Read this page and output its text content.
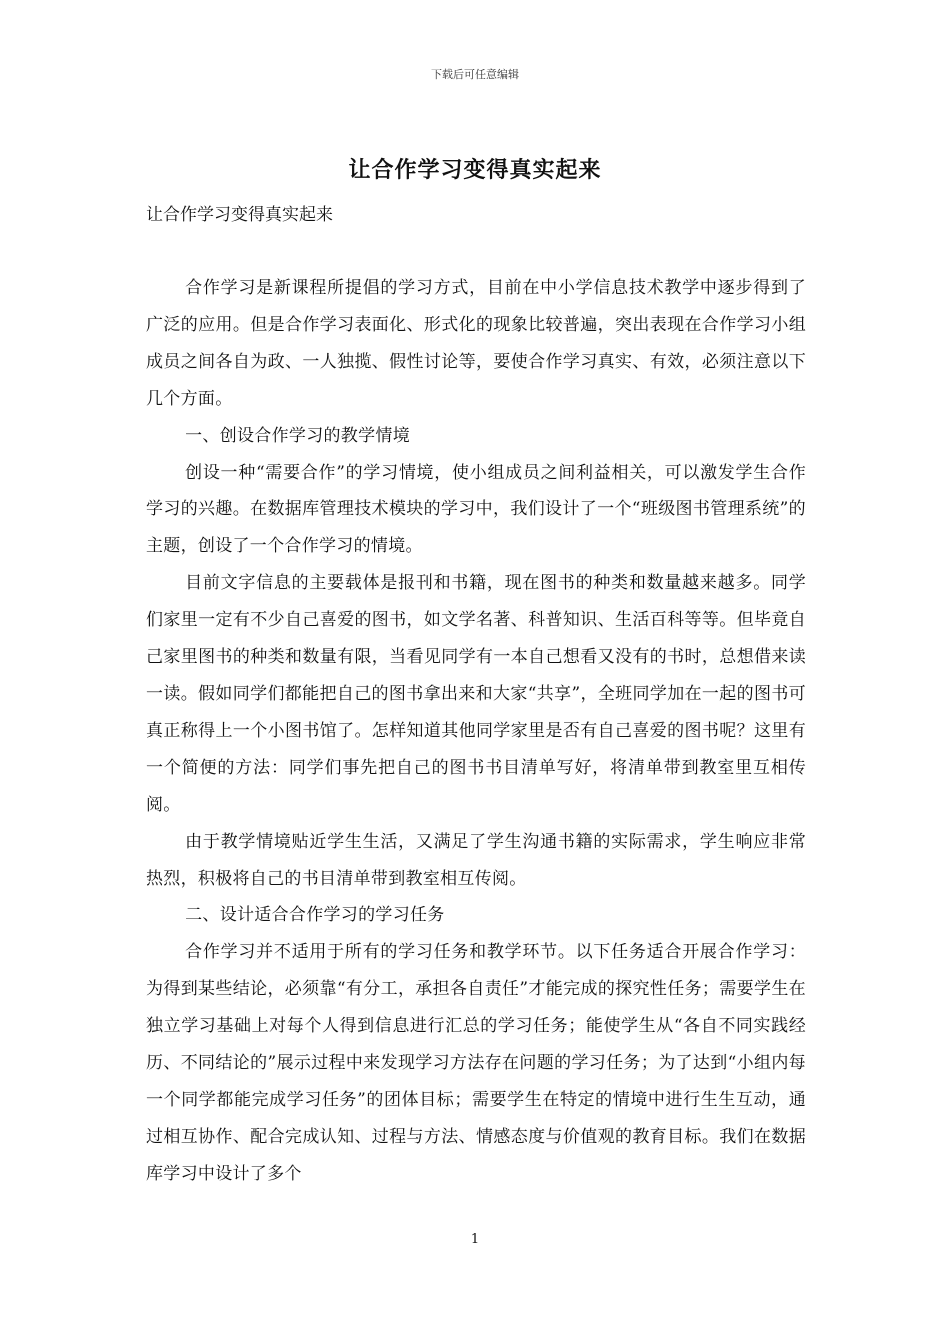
下载后可任意编辑
让合作学习变得真实起来
让合作学习变得真实起来

合作学习是新课程所提倡的学习方式，目前在中小学信息技术教学中逐步得到了广泛的应用。但是合作学习表面化、形式化的现象比较普遍，突出表现在合作学习小组成员之间各自为政、一人独揽、假性讨论等，要使合作学习真实、有效，必须注意以下几个方面。

一、创设合作学习的教学情境

创设一种“需要合作”的学习情境，使小组成员之间利益相关，可以激发学生合作学习的兴趣。在数据库管理技术模块的学习中，我们设计了一个“班级图书管理系统”的主题，创设了一个合作学习的情境。

目前文字信息的主要载体是报刊和书籍，现在图书的种类和数量越来越多。同学们家里一定有不少自己喜爱的图书，如文学名著、科普知识、生活百科等等。但毕竟自己家里图书的种类和数量有限，当看见同学有一本自己想看又没有的书时，总想借来读一读。假如同学们都能把自己的图书拿出来和大家“共享”，全班同学加在一起的图书可真正称得上一个小图书馆了。怎样知道其他同学家里是否有自己喜爱的图书呢？这里有一个简便的方法：同学们事先把自己的图书书目清单写好，将清单带到教室里互相传阅。

由于教学情境贴近学生生活，又满足了学生沟通书籍的实际需求，学生响应非常热烈，积极将自己的书目清单带到教室相互传阅。

二、设计适合合作学习的学习任务

合作学习并不适用于所有的学习任务和教学环节。以下任务适合开展合作学习：为得到某些结论，必须靠“有分工，承担各自责任”才能完成的探究性任务；需要学生在独立学习基础上对每个人得到信息进行汇总的学习任务；能使学生从“各自不同实践经历、不同结论的”展示过程中来发现学习方法存在问题的学习任务；为了达到“小组内每一个同学都能完成学习任务”的团体目标；需要学生在特定的情境中进行生生互动，通过相互协作、配合完成认知、过程与方法、情感态度与价值观的教育目标。我们在数据库学习中设计了多个

1
